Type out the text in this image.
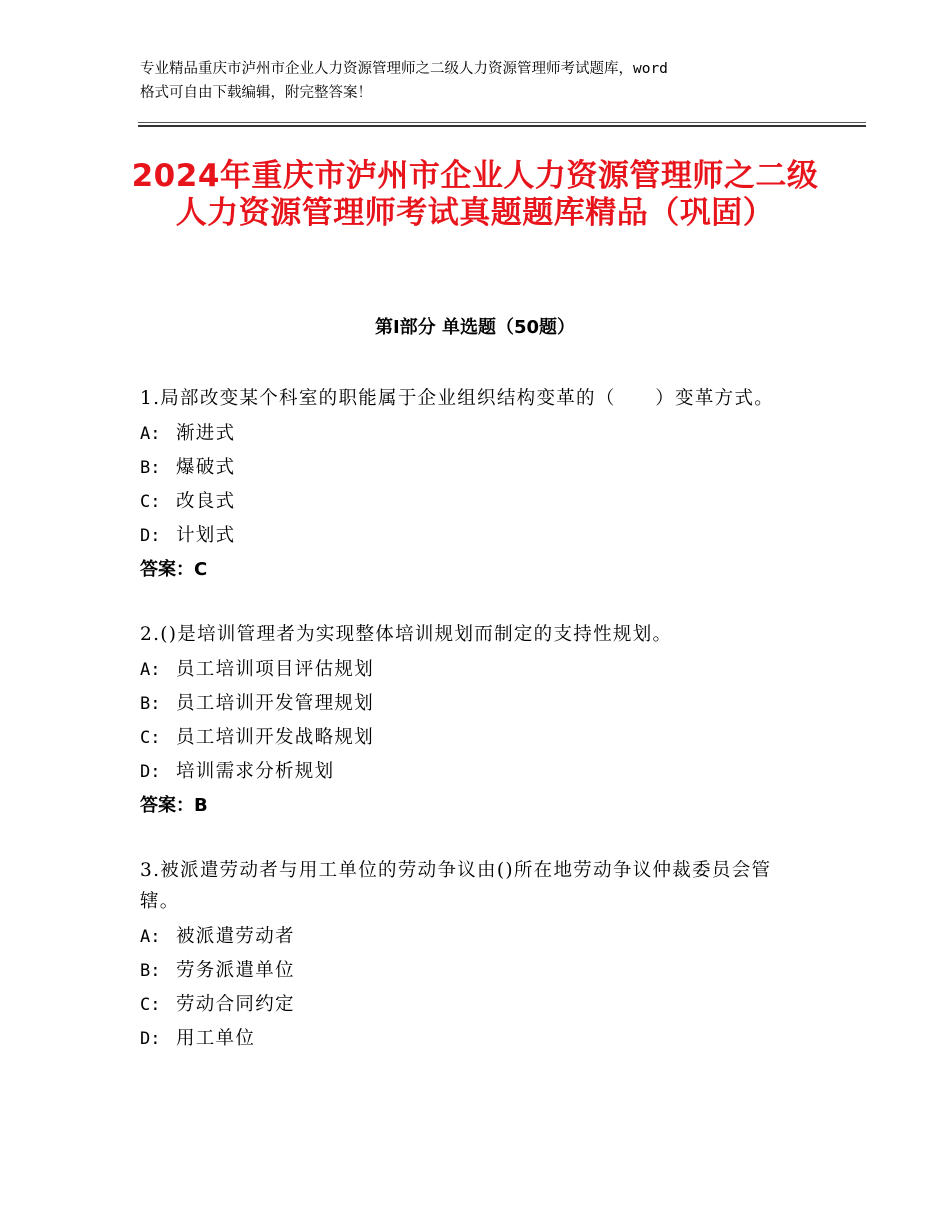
专业精品重庆市泸州市企业人力资源管理师之二级人力资源管理师考试题库，word
格式可自由下载编辑，附完整答案！
2024年重庆市泸州市企业人力资源管理师之二级人力资源管理师考试真题题库精品（巩固）
第Ⅰ部分 单选题（50题）
1.局部改变某个科室的职能属于企业组织结构变革的（　　）变革方式。
A: 渐进式
B: 爆破式
C: 改良式
D: 计划式
答案：C
2.()是培训管理者为实现整体培训规划而制定的支持性规划。
A: 员工培训项目评估规划
B: 员工培训开发管理规划
C: 员工培训开发战略规划
D: 培训需求分析规划
答案：B
3.被派遣劳动者与用工单位的劳动争议由()所在地劳动争议仲裁委员会管辖。
A: 被派遣劳动者
B: 劳务派遣单位
C: 劳动合同约定
D: 用工单位
